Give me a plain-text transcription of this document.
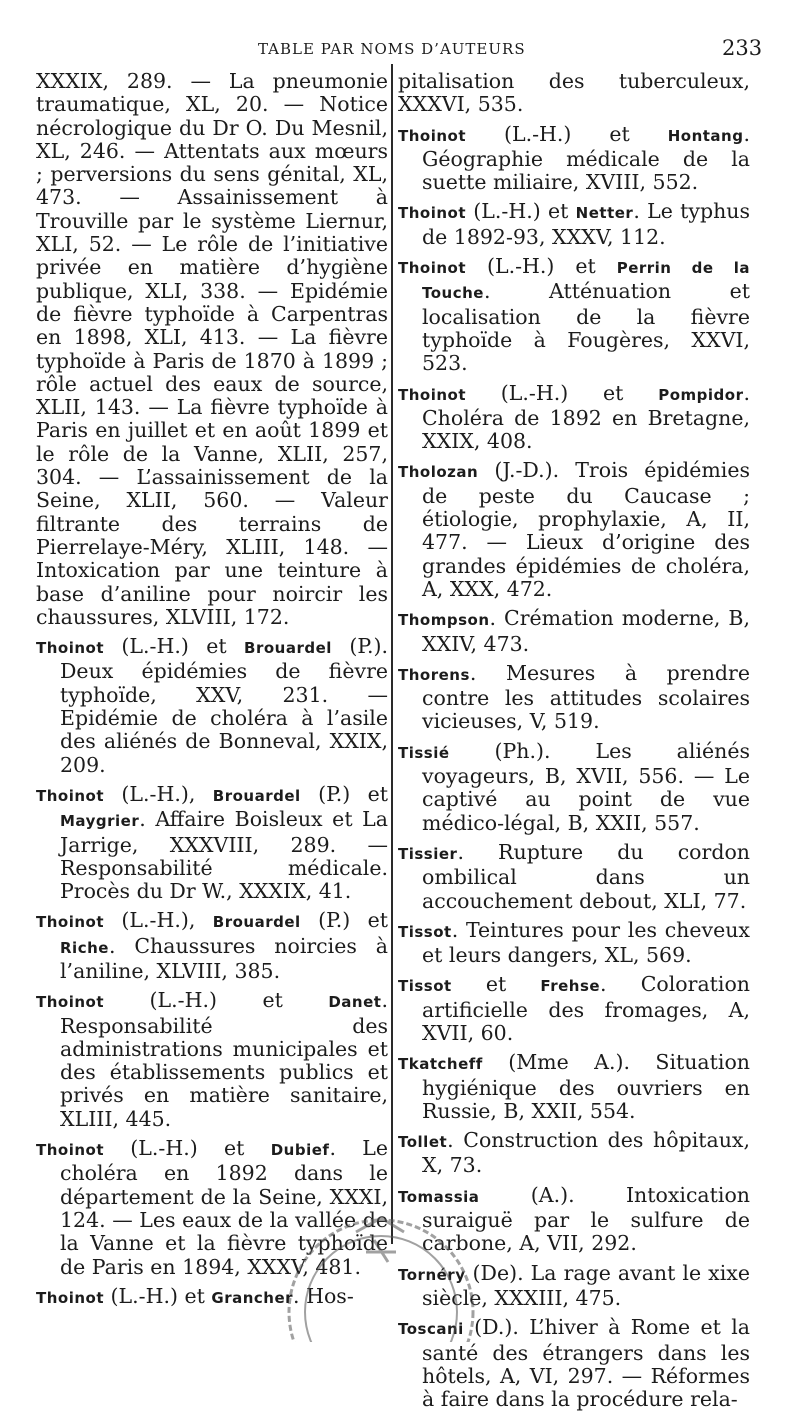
TABLE PAR NOMS D’AUTEURS	233

XXXIX, 289. — La pneumonie traumatique, XL, 20. — Notice nécrologique du Dr O. Du Mesnil, XL, 246. — Attentats aux mœurs ; perversions du sens génital, XL, 473. — Assainissement à Trouville par le système Liernur, XLI, 52. — Le rôle de l’initiative privée en matière d’hygiène publique, XLI, 338. — Epidémie de fièvre typhoïde à Carpentras en 1898, XLI, 413. — La fièvre typhoïde à Paris de 1870 à 1899 ; rôle actuel des eaux de source, XLII, 143. — La fièvre typhoïde à Paris en juillet et en août 1899 et le rôle de la Vanne, XLII, 257, 304. — L’assainissement de la Seine, XLII, 560. — Valeur filtrante des terrains de Pierrelaye-Méry, XLIII, 148. — Intoxication par une teinture à base d’aniline pour noircir les chaussures, XLVIII, 172.

Thoinot (L.-H.) et Brouardel (P.). Deux épidémies de fièvre typhoïde, XXV, 231. — Epidémie de choléra à l’asile des aliénés de Bonneval, XXIX, 209.

Thoinot (L.-H.), Brouardel (P.) et Maygrier. Affaire Boisleux et La Jarrige, XXXVIII, 289. — Responsabilité médicale. Procès du Dr W., XXXIX, 41.

Thoinot (L.-H.), Brouardel (P.) et Riche. Chaussures noircies à l’aniline, XLVIII, 385.

Thoinot (L.-H.) et Danet. Responsabilité des administrations municipales et des établissements publics et privés en matière sanitaire, XLIII, 445.

Thoinot (L.-H.) et Dubief. Le choléra en 1892 dans le département de la Seine, XXXI, 124. — Les eaux de la vallée de la Vanne et la fièvre typhoïde de Paris en 1894, XXXV, 481.

Thoinot (L.-H.) et Grancher. Hos-

pitalisation des tuberculeux, XXXVI, 535.

Thoinot (L.-H.) et Hontang. Géographie médicale de la suette miliaire, XVIII, 552.

Thoinot (L.-H.) et Netter. Le typhus de 1892-93, XXXV, 112.

Thoinot (L.-H.) et Perrin de la Touche. Atténuation et localisation de la fièvre typhoïde à Fougères, XXVI, 523.

Thoinot (L.-H.) et Pompidor. Choléra de 1892 en Bretagne, XXIX, 408.

Tholozan (J.-D.). Trois épidémies de peste du Caucase ; étiologie, prophylaxie, A, II, 477. — Lieux d’origine des grandes épidémies de choléra, A, XXX, 472.

Thompson. Crémation moderne, B, XXIV, 473.

Thorens. Mesures à prendre contre les attitudes scolaires vicieuses, V, 519.

Tissié (Ph.). Les aliénés voyageurs, B, XVII, 556. — Le captivé au point de vue médico-légal, B, XXII, 557.

Tissier. Rupture du cordon ombilical dans un accouchement debout, XLI, 77.

Tissot. Teintures pour les cheveux et leurs dangers, XL, 569.

Tissot et Frehse. Coloration artificielle des fromages, A, XVII, 60.

Tkatcheff (Mme A.). Situation hygiénique des ouvriers en Russie, B, XXII, 554.

Tollet. Construction des hôpitaux, X, 73.

Tomassia (A.). Intoxication suraiguë par le sulfure de carbone, A, VII, 292.

Tornéry (De). La rage avant le xixe siècle, XXXIII, 475.

Toscani (D.). L’hiver à Rome et la santé des étrangers dans les hôtels, A, VI, 297. — Réformes à faire dans la procédure rela-
